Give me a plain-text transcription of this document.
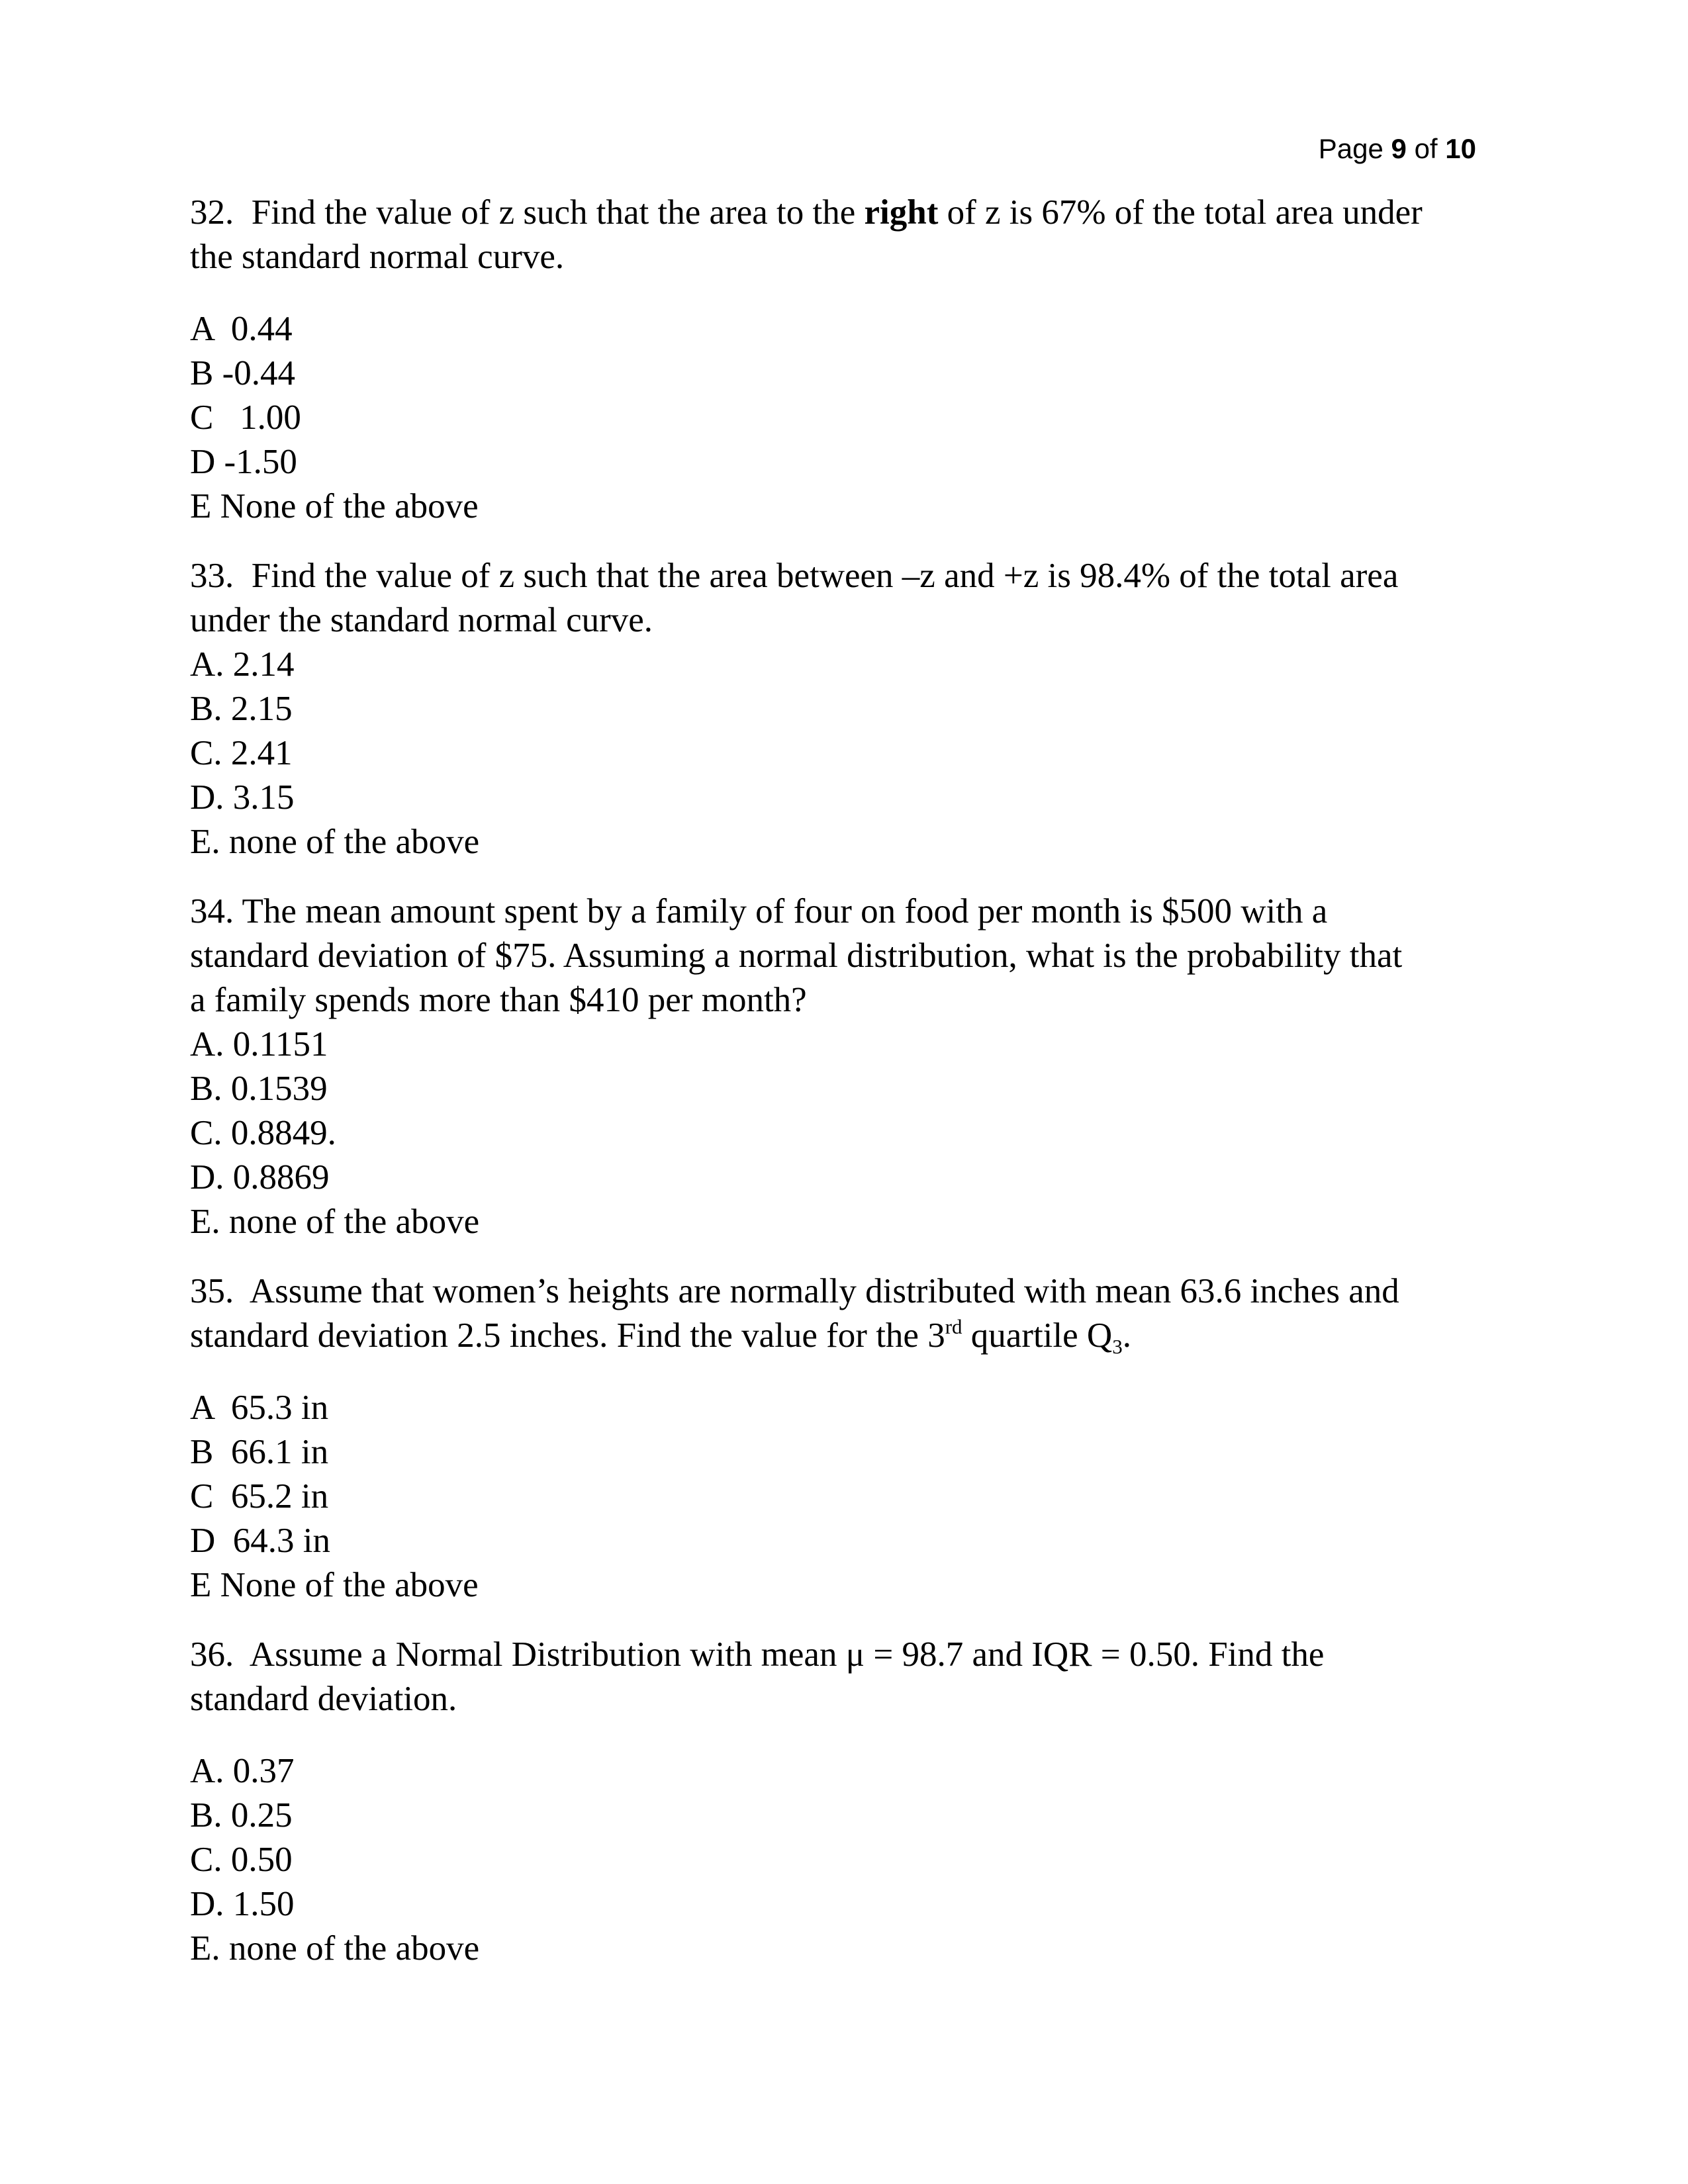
Page 9 of 10

32.  Find the value of z such that the area to the right of z is 67% of the total area under
the standard normal curve.
A  0.44
B -0.44
C   1.00
D -1.50
E None of the above
33.  Find the value of z such that the area between –z and +z is 98.4% of the total area
under the standard normal curve.
A. 2.14
B. 2.15
C. 2.41
D. 3.15
E. none of the above
34. The mean amount spent by a family of four on food per month is $500 with a
standard deviation of $75. Assuming a normal distribution, what is the probability that
a family spends more than $410 per month?
A. 0.1151
B. 0.1539
C. 0.8849.
D. 0.8869
E. none of the above
35.  Assume that women’s heights are normally distributed with mean 63.6 inches and
standard deviation 2.5 inches. Find the value for the 3rd quartile $Q_3$.
A  65.3 in
B  66.1 in
C  65.2 in
D  64.3 in
E None of the above
36.  Assume a Normal Distribution with mean μ = 98.7 and IQR = 0.50. Find the
standard deviation.
A. 0.37
B. 0.25
C. 0.50
D. 1.50
E. none of the above
